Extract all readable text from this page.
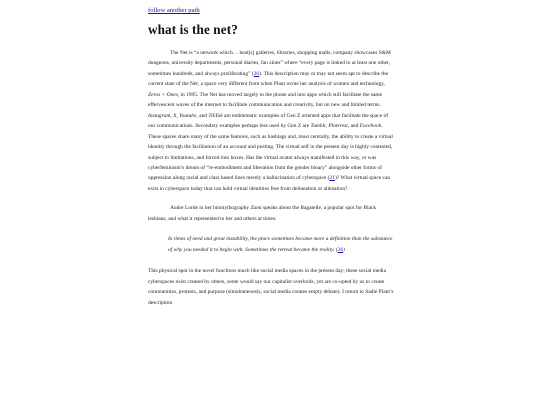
follow another path
what is the net?

The Net is “a network which… host[s] galleries, libraries, shopping malls, company showcases S&M dungeons, university departments, personal diaries, fan zines” where “every page is linked to at least one other, sometimes hundreds, and always proliferating” (20). This description may or may not seem apt to describe the current state of the Net, a space very different from when Plant wrote her analysis of women and technology, Zeros + Ones, in 1995. The Net has moved largely to the phone and into apps which still facilitate the same effervescent waves of the internet to facilitate communication and creativity, but on new and limited terms. Instagram, X, Youtube, and TikTok are emblematic examples of Gen Z oriented apps that facilitate the space of our communications. Secondary examples perhaps less used by Gen Z are Tumblr, Pinterest, and Facebook. These spaces share many of the same features, such as hashtags and, most centrally, the ability to create a virtual identity through the facilitation of an account and posting. The virtual self in the present day is highly contested, subject to limitations, and forced into boxes. Has the virtual avatar always manifested in this way, or was cyberfeminism’s dream of “re-embodiment and liberation from the gender binary” alongside other forms of oppression along racial and class based lines merely a hallucination of cyberspace (21)? What virtual space can exist in cyberspace today that can hold virtual identities free from delineation or alienation?

Audre Lorde in her biomythography Zami speaks about the Bagatelle, a popular spot for Black lesbians, and what it represented to her and others at times:

In times of need and great instability, the place sometimes became more a definition than the substance of why you needed it to begin with. Sometimes the retreat became the reality. (26)

This physical spot in the novel functions much like social media spaces in the present day; these social media cyberspaces exist created by others, some would say our capitalist overlords, yet are co-opted by us to create communities, protests, and purpose (simultaneously, social media creates empty debate). I return to Sadie Plant’s description
